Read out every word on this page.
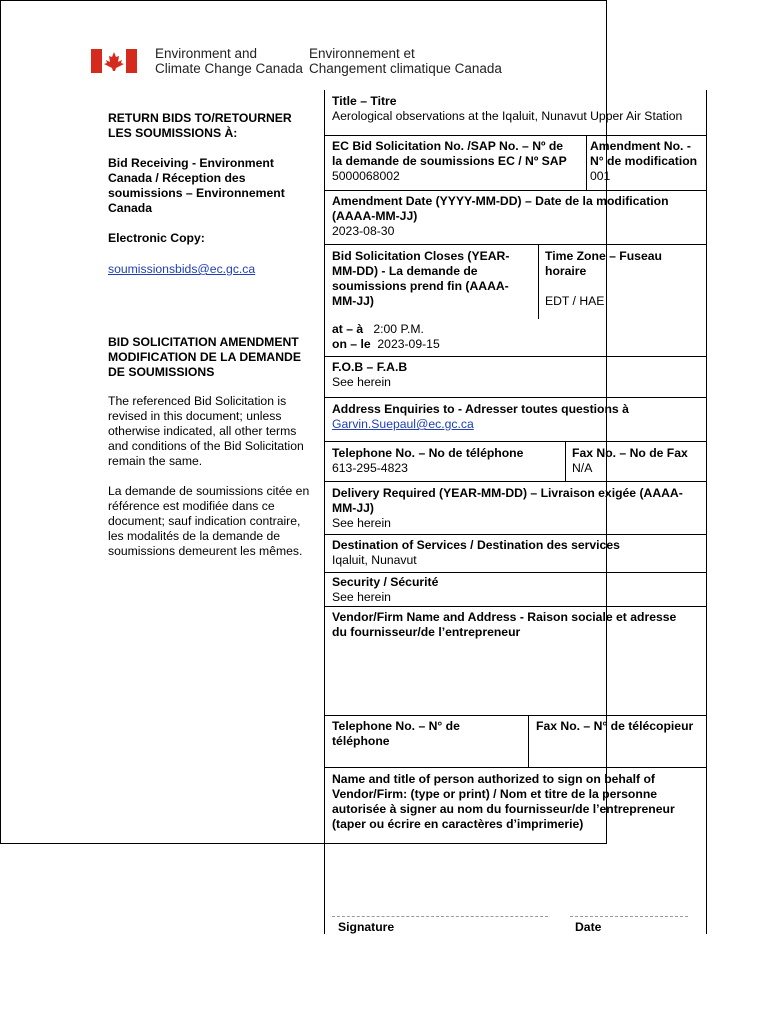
Environment and
Climate Change Canada
Environnement et
Changement climatique Canada
RETURN BIDS TO/RETOURNER
LES SOUMISSIONS À:
Bid Receiving - Environment
Canada / Réception des
soumissions – Environnement
Canada
Electronic Copy:
soumissionsbids@ec.gc.ca
BID SOLICITATION AMENDMENT
MODIFICATION DE LA DEMANDE
DE SOUMISSIONS
The referenced Bid Solicitation is
revised in this document; unless
otherwise indicated, all other terms
and conditions of the Bid Solicitation
remain the same.
La demande de soumissions citée en
référence est modifiée dans ce
document; sauf indication contraire,
les modalités de la demande de
soumissions demeurent les mêmes.
Title – Titre
Aerological observations at the Iqaluit, Nunavut Upper Air Station
EC Bid Solicitation No. /SAP No. – Nº de
la demande de soumissions EC / Nº SAP
5000068002
Amendment No. -
N° de modification
001
Amendment Date (YYYY-MM-DD) – Date de la modification
(AAAA-MM-JJ)
2023-08-30
Bid Solicitation Closes (YEAR-
MM-DD) - La demande de
soumissions prend fin (AAAA-
MM-JJ)
Time Zone – Fuseau
horaire
EDT / HAE
at – à 2:00 P.M.
on – le 2023-09-15
F.O.B – F.A.B
See herein
Address Enquiries to - Adresser toutes questions à
Garvin.Suepaul@ec.gc.ca
Telephone No. – No de téléphone
613-295-4823
Fax No. – No de Fax
N/A
Delivery Required (YEAR-MM-DD) – Livraison exigée (AAAA-
MM-JJ)
See herein
Destination of Services / Destination des services
Iqaluit, Nunavut
Security / Sécurité
See herein
Vendor/Firm Name and Address - Raison sociale et adresse
du fournisseur/de l’entrepreneur
Telephone No. – N° de
téléphone
Fax No. – N° de télécopieur
Name and title of person authorized to sign on behalf of
Vendor/Firm: (type or print) / Nom et titre de la personne
autorisée à signer au nom du fournisseur/de l’entrepreneur
(taper ou écrire en caractères d’imprimerie)
Signature	Date
